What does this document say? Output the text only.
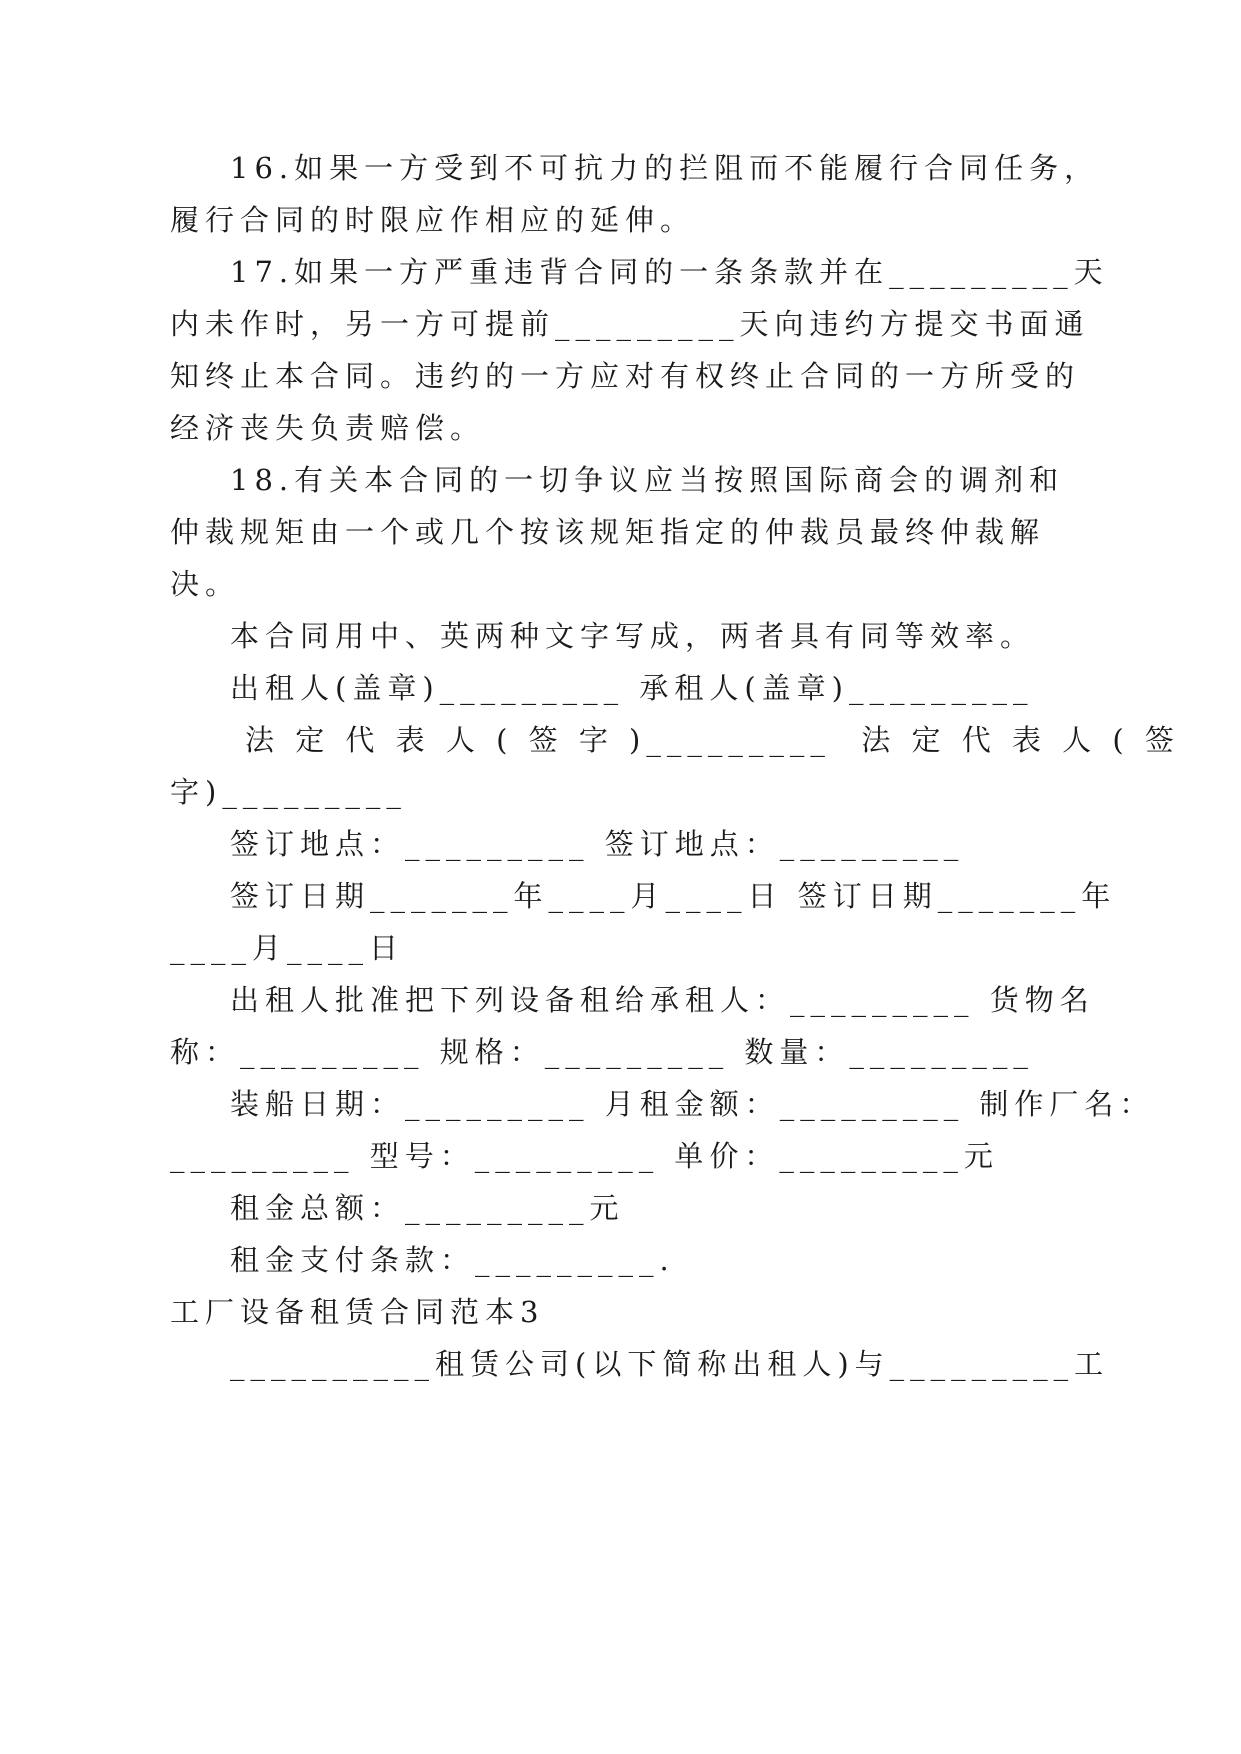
16.如果一方受到不可抗力的拦阻而不能履行合同任务，
履行合同的时限应作相应的延伸。
17.如果一方严重违背合同的一条条款并在_________天
内未作时，另一方可提前_________天向违约方提交书面通
知终止本合同。违约的一方应对有权终止合同的一方所受的
经济丧失负责赔偿。
18.有关本合同的一切争议应当按照国际商会的调剂和
仲裁规矩由一个或几个按该规矩指定的仲裁员最终仲裁解
决。
本合同用中、英两种文字写成，两者具有同等效率。
出租人(盖章)_________ 承租人(盖章)_________
法 定 代 表 人 ( 签 字 )_________  法 定 代 表 人 ( 签
字)_________
签订地点：_________ 签订地点：_________
签订日期_______年____月____日 签订日期_______年
____月____日
出租人批准把下列设备租给承租人：_________ 货物名
称：_________ 规格：_________ 数量：_________
装船日期：_________ 月租金额：_________ 制作厂名：
_________ 型号：_________ 单价：_________元
租金总额：_________元
租金支付条款：_________.
工厂设备租赁合同范本3
__________租赁公司(以下简称出租人)与_________工
